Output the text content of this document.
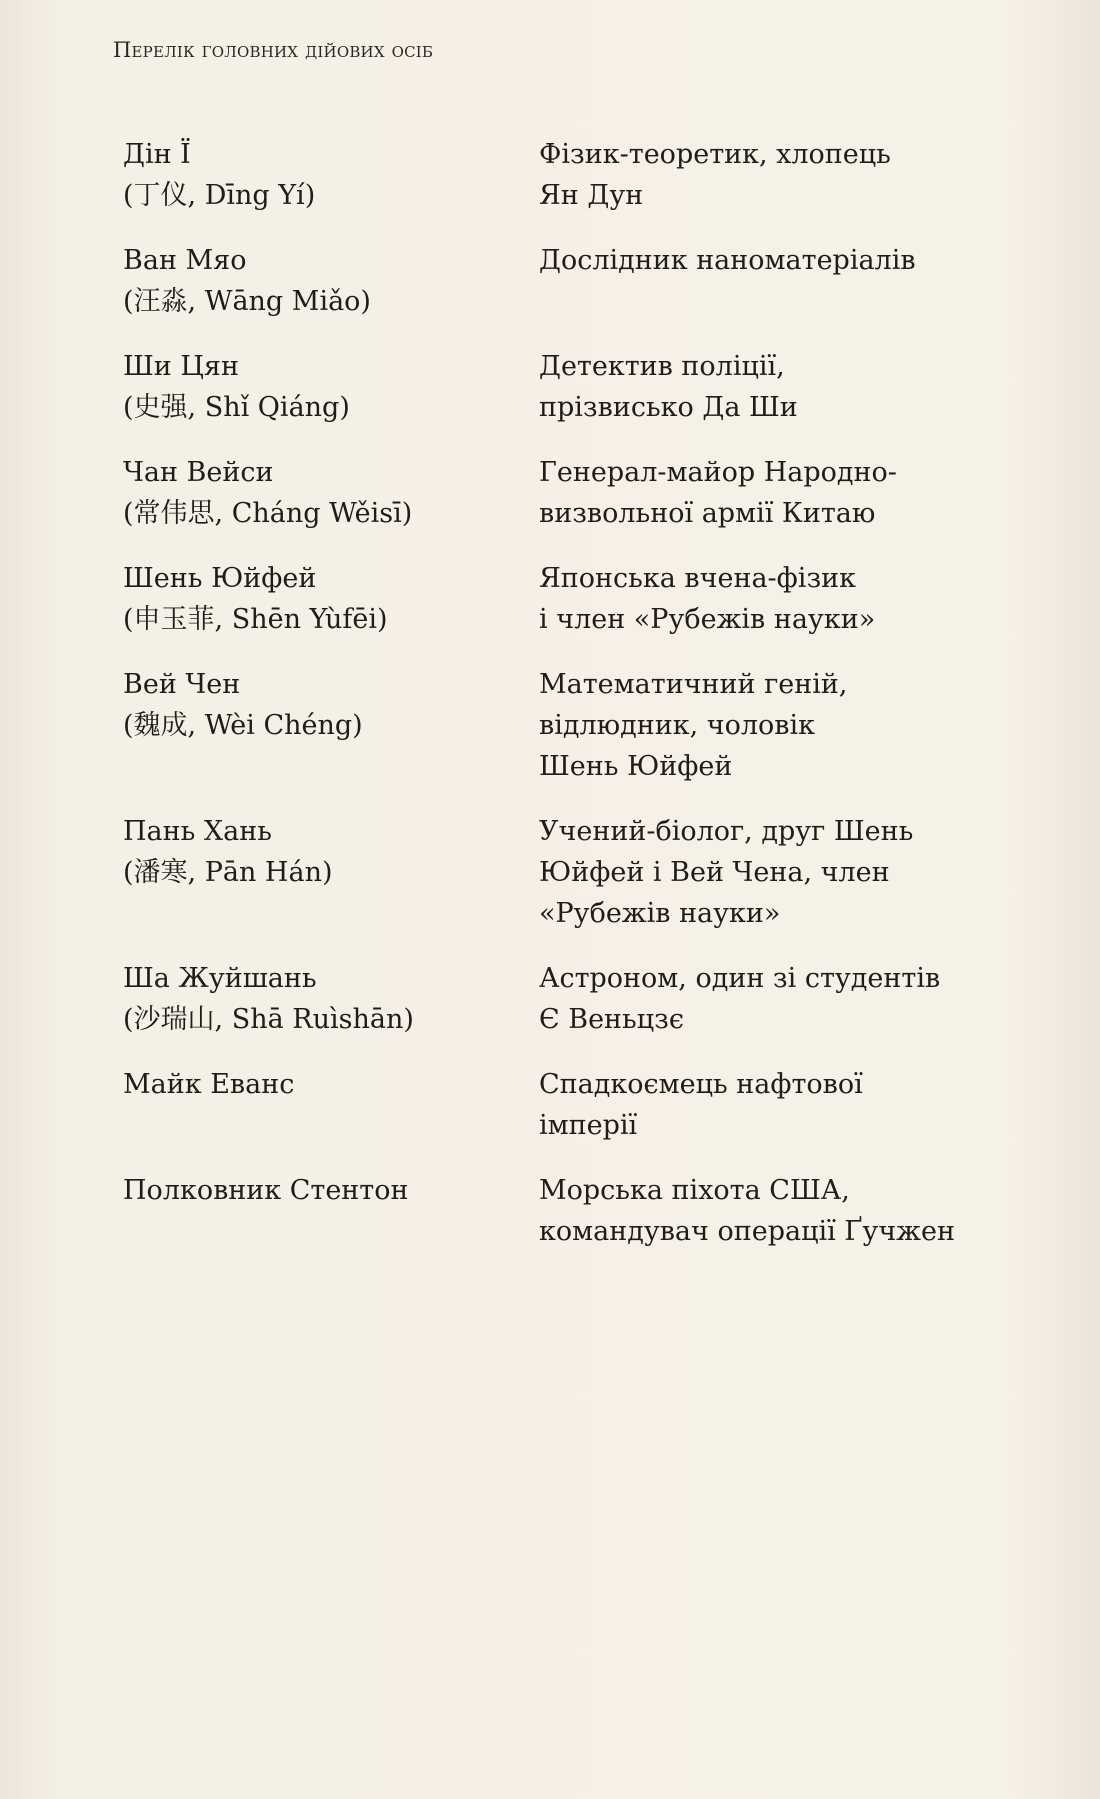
Перелік головних дійових осіб
Дін Ї
(丁仪, Dīng Yí)
Фізик-теоретик, хлопець
Ян Дун
Ван Мяо
(汪淼, Wāng Miǎo)
Дослідник наноматеріалів
Ши Цян
(史强, Shǐ Qiáng)
Детектив поліції,
прізвисько Да Ши
Чан Вейси
(常伟思, Cháng Wěisī)
Генерал-майор Народно-
визвольної армії Китаю
Шень Юйфей
(申玉菲, Shēn Yùfēi)
Японська вчена-фізик
і член «Рубежів науки»
Вей Чен
(魏成, Wèi Chéng)
Математичний геній,
відлюдник, чоловік
Шень Юйфей
Пань Хань
(潘寒, Pān Hán)
Учений-біолог, друг Шень
Юйфей і Вей Чена, член
«Рубежів науки»
Ша Жуйшань
(沙瑞山, Shā Ruìshān)
Астроном, один зі студентів
Є Веньцзє
Майк Еванс	Спадкоємець нафтової
імперії
Полковник Стентон	Морська піхота США,
командувач операції Ґучжен
